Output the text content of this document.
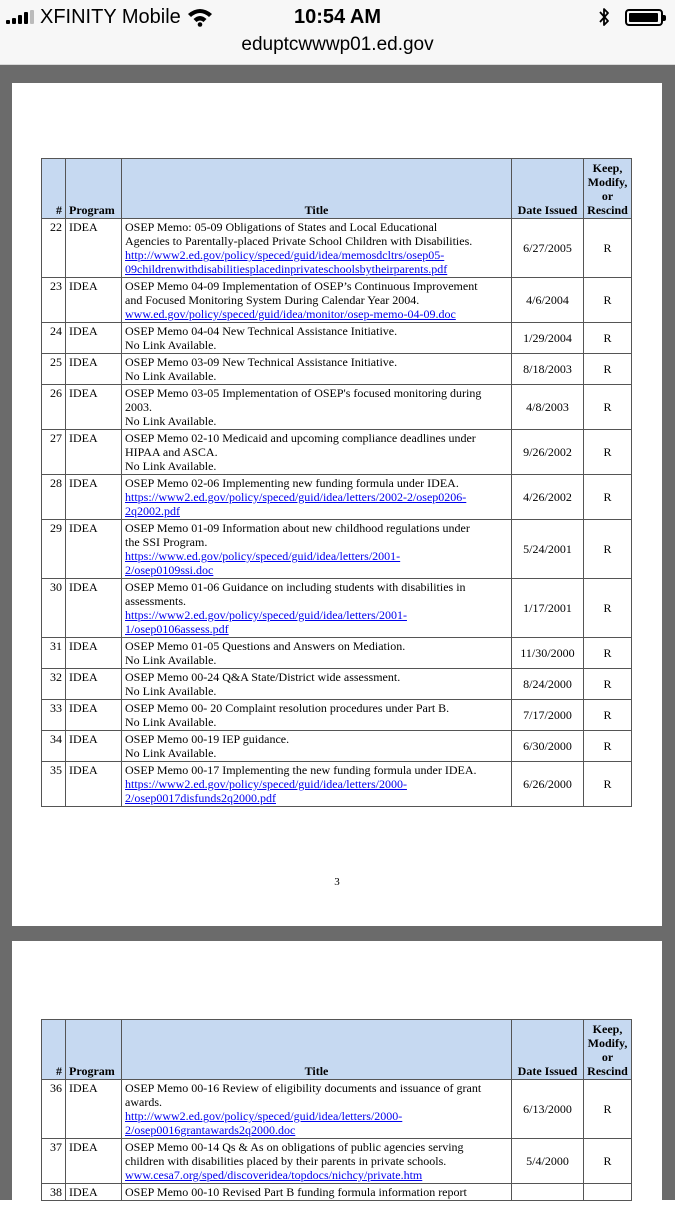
XFINITY Mobile	10:54 AM
eduptcwwwp01.ed.gov
#	Program	Title	Date Issued	Keep,
Modify,
or
Rescind

22	IDEA	OSEP Memo: 05-09 Obligations of States and Local Educational
Agencies to Parentally-placed Private School Children with Disabilities.
http://www2.ed.gov/policy/speced/guid/idea/memosdcltrs/osep05-
09childrenwithdisabilitiesplacedinprivateschoolsbytheirparents.pdf	6/27/2005	R
23	IDEA	OSEP Memo 04-09 Implementation of OSEP’s Continuous Improvement
and Focused Monitoring System During Calendar Year 2004.
www.ed.gov/policy/speced/guid/idea/monitor/osep-memo-04-09.doc	4/6/2004	R
24	IDEA	OSEP Memo 04-04 New Technical Assistance Initiative.
No Link Available.	1/29/2004	R
25	IDEA	OSEP Memo 03-09 New Technical Assistance Initiative.
No Link Available.	8/18/2003	R
26	IDEA	OSEP Memo 03-05 Implementation of OSEP's focused monitoring during
2003.
No Link Available.	4/8/2003	R
27	IDEA	OSEP Memo 02-10 Medicaid and upcoming compliance deadlines under
HIPAA and ASCA.
No Link Available.	9/26/2002	R
28	IDEA	OSEP Memo 02-06 Implementing new funding formula under IDEA.
https://www2.ed.gov/policy/speced/guid/idea/letters/2002-2/osep0206-
2q2002.pdf	4/26/2002	R
29	IDEA	OSEP Memo 01-09 Information about new childhood regulations under
the SSI Program.
https://www.ed.gov/policy/speced/guid/idea/letters/2001-
2/osep0109ssi.doc	5/24/2001	R
30	IDEA	OSEP Memo 01-06 Guidance on including students with disabilities in
assessments.
https://www2.ed.gov/policy/speced/guid/idea/letters/2001-
1/osep0106assess.pdf	1/17/2001	R
31	IDEA	OSEP Memo 01-05 Questions and Answers on Mediation.
No Link Available.	11/30/2000	R
32	IDEA	OSEP Memo 00-24 Q&A State/District wide assessment.
No Link Available.	8/24/2000	R
33	IDEA	OSEP Memo 00- 20 Complaint resolution procedures under Part B.
No Link Available.	7/17/2000	R
34	IDEA	OSEP Memo 00-19 IEP guidance.
No Link Available.	6/30/2000	R
35	IDEA	OSEP Memo 00-17 Implementing the new funding formula under IDEA.
https://www2.ed.gov/policy/speced/guid/idea/letters/2000-
2/osep0017disfunds2q2000.pdf	6/26/2000	R
3
#	Program	Title	Date Issued	Keep,
Modify,
or
Rescind

36	IDEA	OSEP Memo 00-16 Review of eligibility documents and issuance of grant
awards.
http://www2.ed.gov/policy/speced/guid/idea/letters/2000-
2/osep0016grantawards2q2000.doc	6/13/2000	R
37	IDEA	OSEP Memo 00-14 Qs & As on obligations of public agencies serving
children with disabilities placed by their parents in private schools.
www.cesa7.org/sped/discoveridea/topdocs/nichcy/private.htm	5/4/2000	R
38	IDEA	OSEP Memo 00-10 Revised Part B funding formula information report		
